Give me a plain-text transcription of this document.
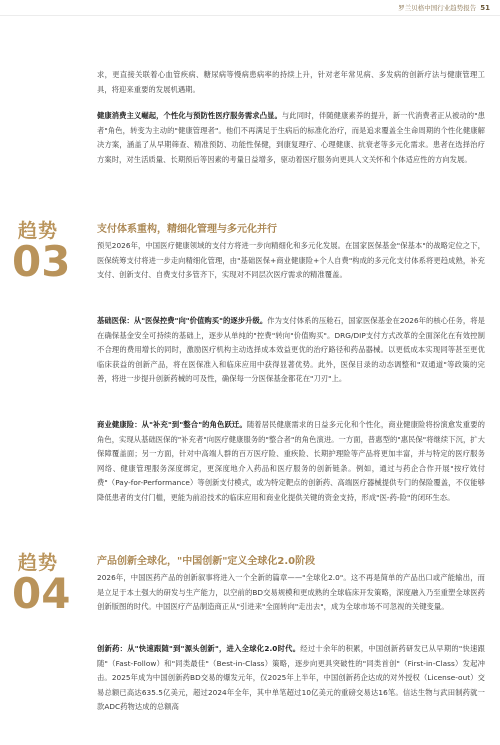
罗兰贝格中国行业趋势报告 51

求，更直接关联着心血管疾病、糖尿病等慢病患病率的持续上升，针对老年常见病、多发病的创新疗法与健康管理工具，将迎来重要的发展机遇期。

健康消费主义崛起，个性化与预防性医疗服务需求凸显。与此同时，伴随健康素养的提升，新一代消费者正从被动的"患者"角色，转变为主动的"健康管理者"。他们不再满足于生病后的标准化治疗，而是追求覆盖全生命周期的个性化健康解决方案，涵盖了从早期筛查、精准预防、功能性保健，到康复理疗、心理健康、抗衰老等多元化需求。患者在选择治疗方案时，对生活质量、长期预后等因素的考量日益增多，驱动着医疗服务向更具人文关怀和个体适应性的方向发展。

趋势
03
支付体系重构，精细化管理与多元化并行

预见2026年，中国医疗健康领域的支付方将进一步向精细化和多元化发展。在国家医保基金"保基本"的战略定位之下，医保统筹支付将进一步走向精细化管理，由"基础医保+商业健康险+个人自费"构成的多元化支付体系将更趋成熟，补充支付、创新支付、自费支付多管齐下，实现对不同层次医疗需求的精准覆盖。

基础医保：从"医保控费"向"价值购买"的逐步升级。作为支付体系的压舱石，国家医保基金在2026年的核心任务，将是在确保基金安全可持续的基础上，逐步从单纯的"控费"转向"价值购买"。DRG/DIP支付方式改革的全面深化在有效控制不合理的费用增长的同时，激励医疗机构主动选择成本效益更优的治疗路径和药品器械。以更低成本实现同等甚至更优临床获益的创新产品，将在医保准入和临床应用中获得显著优势。此外，医保目录的动态调整和"双通道"等政策的完善，将进一步提升创新药械的可及性，确保每一分医保基金都花在"刀刃"上。

商业健康险：从"补充"到"整合"的角色跃迁。随着居民健康需求的日益多元化和个性化，商业健康险将扮演愈发重要的角色，实现从基础医保的"补充者"向医疗健康服务的"整合者"的角色演进。一方面，普惠型的"惠民保"将继续下沉，扩大保障覆盖面；另一方面，针对中高端人群的百万医疗险、重疾险、长期护理险等产品将更加丰富，并与特定的医疗服务网络、健康管理服务深度绑定，更深度地介入药品和医疗服务的创新链条。例如，通过与药企合作开展"按疗效付费"（Pay-for-Performance）等创新支付模式，或为特定靶点的创新药、高端医疗器械提供专门的保险覆盖，不仅能够降低患者的支付门槛，更能为前沿技术的临床应用和商业化提供关键的资金支持，形成"医-药-险"的闭环生态。

趋势
04
产品创新全球化，"中国创新"定义全球化2.0阶段

2026年，中国医药产品的创新叙事将进入一个全新的篇章——"全球化2.0"。这不再是简单的产品出口或产能输出，而是立足于本土强大的研发与生产能力，以空前的BD交易规模和更成熟的全球临床开发策略，深度融入乃至重塑全球医药创新版图的时代。中国医疗产品制造商正从"引进来"全面转向"走出去"，成为全球市场不可忽视的关键变量。

创新药：从"快速跟随"到"源头创新"，进入全球化2.0时代。经过十余年的积累，中国创新药研发已从早期的"快速跟随"（Fast-Follow）和"同类最佳"（Best-in-Class）策略，逐步向更具突破性的"同类首创"（First-in-Class）发起冲击。2025年成为中国创新药BD交易的爆发元年，仅2025年上半年，中国创新药企达成的对外授权（License-out）交易总额已高达635.5亿美元，超过2024年全年，其中单笔超过10亿美元的重磅交易达16笔。信达生物与武田制药就一款ADC药物达成的总额高
